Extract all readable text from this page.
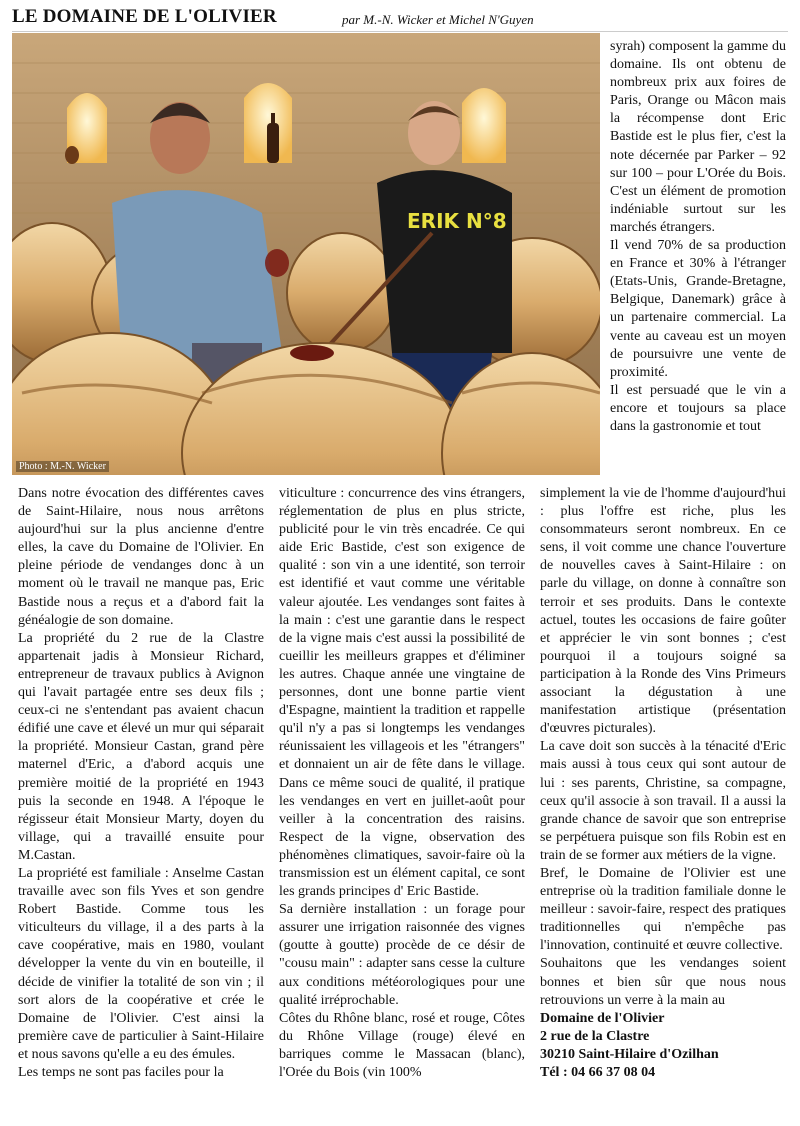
LE DOMAINE DE L'OLIVIER	par M.-N. Wicker et Michel N'Guyen
ERIK N°8
Photo : M.-N. Wicker

syrah) composent la gamme du domaine. Ils ont obtenu de nombreux prix aux foires de Paris, Orange ou Mâcon mais la récompense dont Eric Bastide est le plus fier, c'est la note décernée par Parker – 92 sur 100 – pour L'Orée du Bois. C'est un élément de promotion indéniable surtout sur les marchés étrangers.

Il vend 70% de sa production en France et 30% à l'étranger (Etats-Unis, Grande-Bretagne, Belgique, Danemark) grâce à un partenaire commercial. La vente au caveau est un moyen de poursuivre une vente de proximité.

Il est persuadé que le vin a encore et toujours sa place dans la gastronomie et tout

Dans notre évocation des différentes caves de Saint-Hilaire, nous nous arrêtons aujourd'hui sur la plus ancienne d'entre elles, la cave du Domaine de l'Olivier. En pleine période de vendanges donc à un moment où le travail ne manque pas, Eric Bastide nous a reçus et a d'abord fait la généalogie de son domaine.

La propriété du 2 rue de la Clastre appartenait jadis à Monsieur Richard, entrepreneur de travaux publics à Avignon qui l'avait partagée entre ses deux fils ; ceux-ci ne s'entendant pas avaient chacun édifié une cave et élevé un mur qui séparait la propriété. Monsieur Castan, grand père maternel d'Eric, a d'abord acquis une première moitié de la propriété en 1943 puis la seconde en 1948. A l'époque le régisseur était Monsieur Marty, doyen du village, qui a travaillé ensuite pour M.Castan.

La propriété est familiale : Anselme Castan travaille avec son fils Yves et son gendre Robert Bastide. Comme tous les viticulteurs du village, il a des parts à la cave coopérative, mais en 1980, voulant développer la vente du vin en bouteille, il décide de vinifier la totalité de son vin ; il sort alors de la coopérative et crée le Domaine de l'Olivier. C'est ainsi la première cave de particulier à Saint-Hilaire et nous savons qu'elle a eu des émules.

Les temps ne sont pas faciles pour la

viticulture : concurrence des vins étrangers, réglementation de plus en plus stricte, publicité pour le vin très encadrée. Ce qui aide Eric Bastide, c'est son exigence de qualité : son vin a une identité, son terroir est identifié et vaut comme une véritable valeur ajoutée. Les vendanges sont faites à la main : c'est une garantie dans le respect de la vigne mais c'est aussi la possibilité de cueillir les meilleurs grappes et d'éliminer les autres. Chaque année une vingtaine de personnes, dont une bonne partie vient d'Espagne, maintient la tradition et rappelle qu'il n'y a pas si longtemps les vendanges réunissaient les villageois et les "étrangers" et donnaient un air de fête dans le village. Dans ce même souci de qualité, il pratique les vendanges en vert en juillet-août pour veiller à la concentration des raisins. Respect de la vigne, observation des phénomènes climatiques, savoir-faire où la transmission est un élément capital, ce sont les grands principes d' Eric Bastide.

Sa dernière installation : un forage pour assurer une irrigation raisonnée des vignes (goutte à goutte) procède de ce désir de "cousu main" : adapter sans cesse la culture aux conditions météorologiques pour une qualité irréprochable.

Côtes du Rhône blanc, rosé et rouge, Côtes du Rhône Village (rouge) élevé en barriques comme le Massacan (blanc), l'Orée du Bois (vin 100%

simplement la vie de l'homme d'aujourd'hui : plus l'offre est riche, plus les consommateurs seront nombreux. En ce sens, il voit comme une chance l'ouverture de nouvelles caves à Saint-Hilaire : on parle du village, on donne à connaître son terroir et ses produits. Dans le contexte actuel, toutes les occasions de faire goûter et apprécier le vin sont bonnes ; c'est pourquoi il a toujours soigné sa participation à la Ronde des Vins Primeurs associant la dégustation à une manifestation artistique (présentation d'œuvres picturales).

La cave doit son succès à la ténacité d'Eric mais aussi à tous ceux qui sont autour de lui : ses parents, Christine, sa compagne, ceux qu'il associe à son travail. Il a aussi la grande chance de savoir que son entreprise se perpétuera puisque son fils Robin est en train de se former aux métiers de la vigne.

Bref, le Domaine de l'Olivier est une entreprise où la tradition familiale donne le meilleur : savoir-faire, respect des pratiques traditionnelles qui n'empêche pas l'innovation, continuité et œuvre collective.

Souhaitons que les vendanges soient bonnes et bien sûr que nous nous retrouvions un verre à la main au

Domaine de l'Olivier

2 rue de la Clastre

30210 Saint-Hilaire d'Ozilhan

Tél : 04 66 37 08 04
